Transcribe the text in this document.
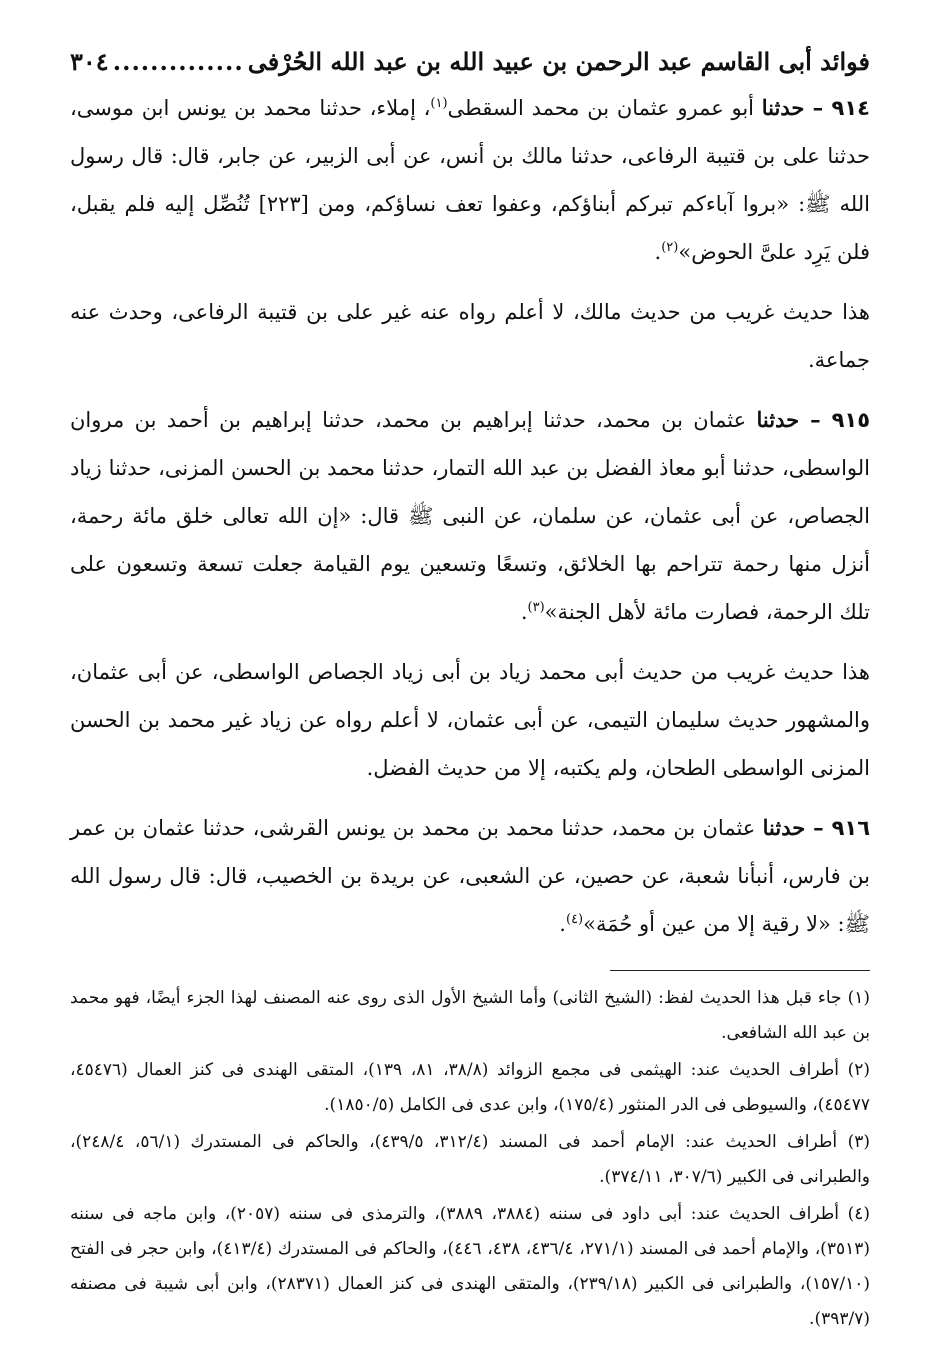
فوائد أبى القاسم عبد الرحمن بن عبيد الله بن عبد الله الحُرْفى
..............
٣٠٤

٩١٤ – حدثنا أبو عمرو عثمان بن محمد السقطى$^{(١)}$، إملاء، حدثنا محمد بن يونس ابن موسى، حدثنا على بن قتيبة الرفاعى، حدثنا مالك بن أنس، عن أبى الزبير، عن جابر، قال: قال رسول الله ﷺ: «بروا آباءكم تبركم أبناؤكم، وعفوا تعف نساؤكم، ومن [٢٢٣] تُنُصِّل إليه فلم يقبل، فلن يَرِد علىَّ الحوض»$^{(٢)}$.

هذا حديث غريب من حديث مالك، لا أعلم رواه عنه غير على بن قتيبة الرفاعى، وحدث عنه جماعة.

٩١٥ – حدثنا عثمان بن محمد، حدثنا إبراهيم بن محمد، حدثنا إبراهيم بن أحمد بن مروان الواسطى، حدثنا أبو معاذ الفضل بن عبد الله التمار، حدثنا محمد بن الحسن المزنى، حدثنا زياد الجصاص، عن أبى عثمان، عن سلمان، عن النبى ﷺ قال: «إن الله تعالى خلق مائة رحمة، أنزل منها رحمة تتراحم بها الخلائق، وتسعًا وتسعين يوم القيامة جعلت تسعة وتسعون على تلك الرحمة، فصارت مائة لأهل الجنة»$^{(٣)}$.

هذا حديث غريب من حديث أبى محمد زياد بن أبى زياد الجصاص الواسطى، عن أبى عثمان، والمشهور حديث سليمان التيمى، عن أبى عثمان، لا أعلم رواه عن زياد غير محمد بن الحسن المزنى الواسطى الطحان، ولم يكتبه، إلا من حديث الفضل.

٩١٦ – حدثنا عثمان بن محمد، حدثنا محمد بن محمد بن يونس القرشى، حدثنا عثمان بن عمر بن فارس، أنبأنا شعبة، عن حصين، عن الشعبى، عن بريدة بن الخصيب، قال: قال رسول الله ﷺ: «لا رقية إلا من عين أو حُمَة»$^{(٤)}$.

(١) جاء قبل هذا الحديث لفظ: (الشيخ الثانى) وأما الشيخ الأول الذى روى عنه المصنف لهذا الجزء أيضًا، فهو محمد بن عبد الله الشافعى.

(٢) أطراف الحديث عند: الهيثمى فى مجمع الزوائد (٣٨/٨، ٨١، ١٣٩)، المتقى الهندى فى كنز العمال (٤٥٤٧٦، ٤٥٤٧٧)، والسيوطى فى الدر المنثور (١٧٥/٤)، وابن عدى فى الكامل (١٨٥٠/٥).

(٣) أطراف الحديث عند: الإمام أحمد فى المسند (٣١٢/٤، ٤٣٩/٥)، والحاكم فى المستدرك (٥٦/١، ٢٤٨/٤)، والطبرانى فى الكبير (٣٠٧/٦، ٣٧٤/١١).

(٤) أطراف الحديث عند: أبى داود فى سننه (٣٨٨٤، ٣٨٨٩)، والترمذى فى سننه (٢٠٥٧)، وابن ماجه فى سننه (٣٥١٣)، والإمام أحمد فى المسند (٢٧١/١، ٤٣٦/٤، ٤٣٨، ٤٤٦)، والحاكم فى المستدرك (٤١٣/٤)، وابن حجر فى الفتح (١٥٧/١٠)، والطبرانى فى الكبير (٢٣٩/١٨)، والمتقى الهندى فى كنز العمال (٢٨٣٧١)، وابن أبى شيبة فى مصنفه (٣٩٣/٧).
